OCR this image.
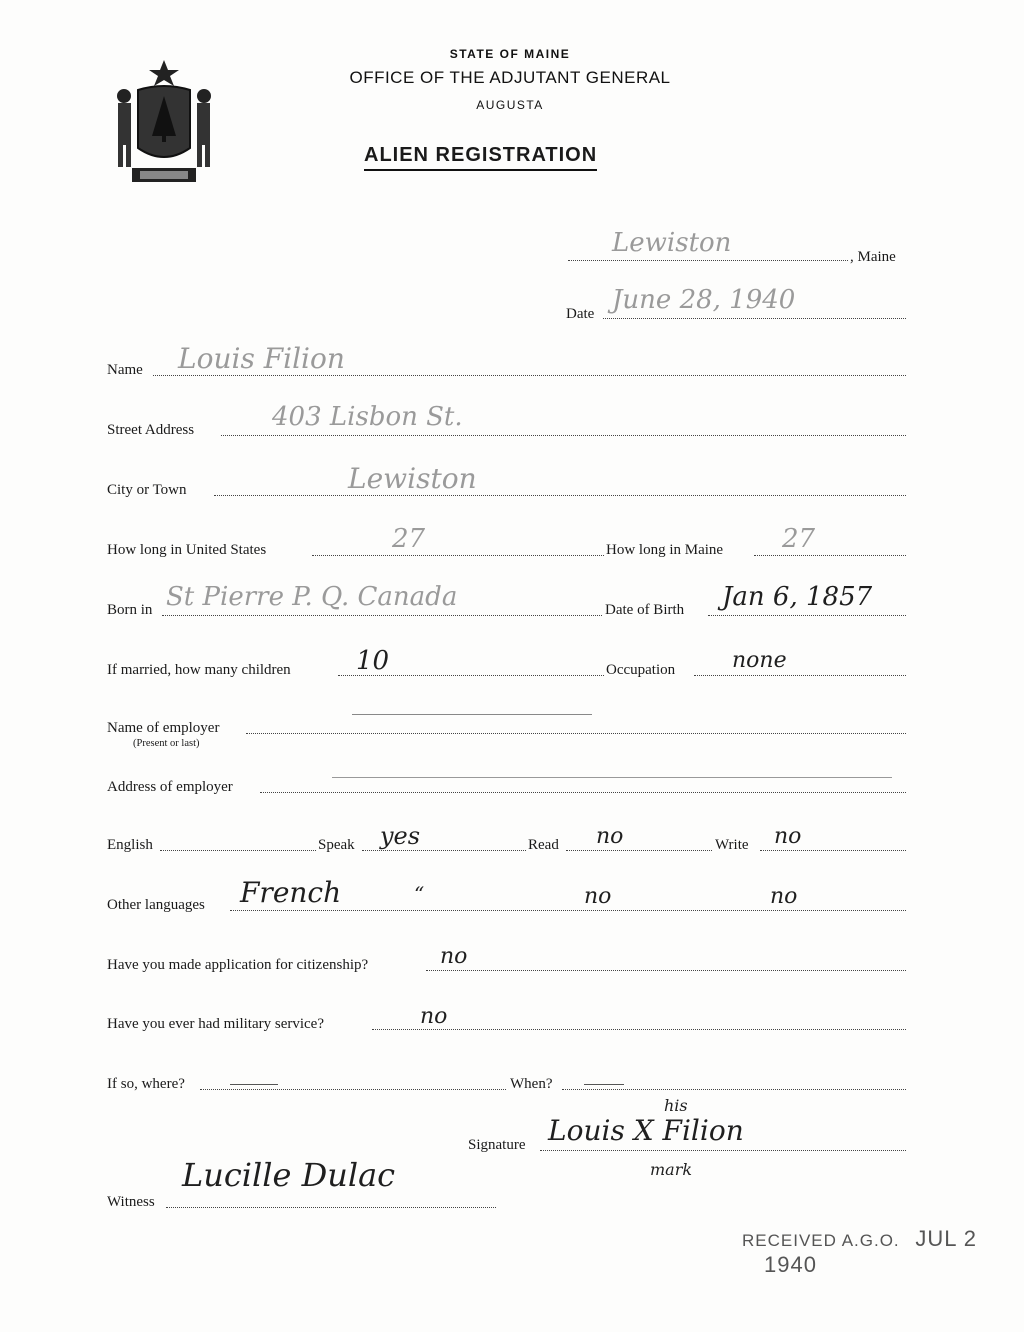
STATE OF MAINE
OFFICE OF THE ADJUTANT GENERAL
AUGUSTA
ALIEN REGISTRATION
Lewiston	, Maine
Date June 28, 1940
Name Louis Filion
Street Address	403 Lisbon St.
City or Town	Lewiston
How long in United States	27	How long in Maine 27
Born in St Pierre P. Q. Canada	Date of Birth Jan 6, 1857
If married, how many children	10	Occupation	none
Name of employer
(Present or last)
Address of employer
English	Speak yes	Read no	Write no
Other languages French	“	no	no
Have you made application for citizenship?	no
Have you ever had military service?	no
If so, where?	When?
Signature
his
Louis X Filion
mark
Witness
Lucille Dulac
RECEIVED A.G.O. JUL 2 1940
